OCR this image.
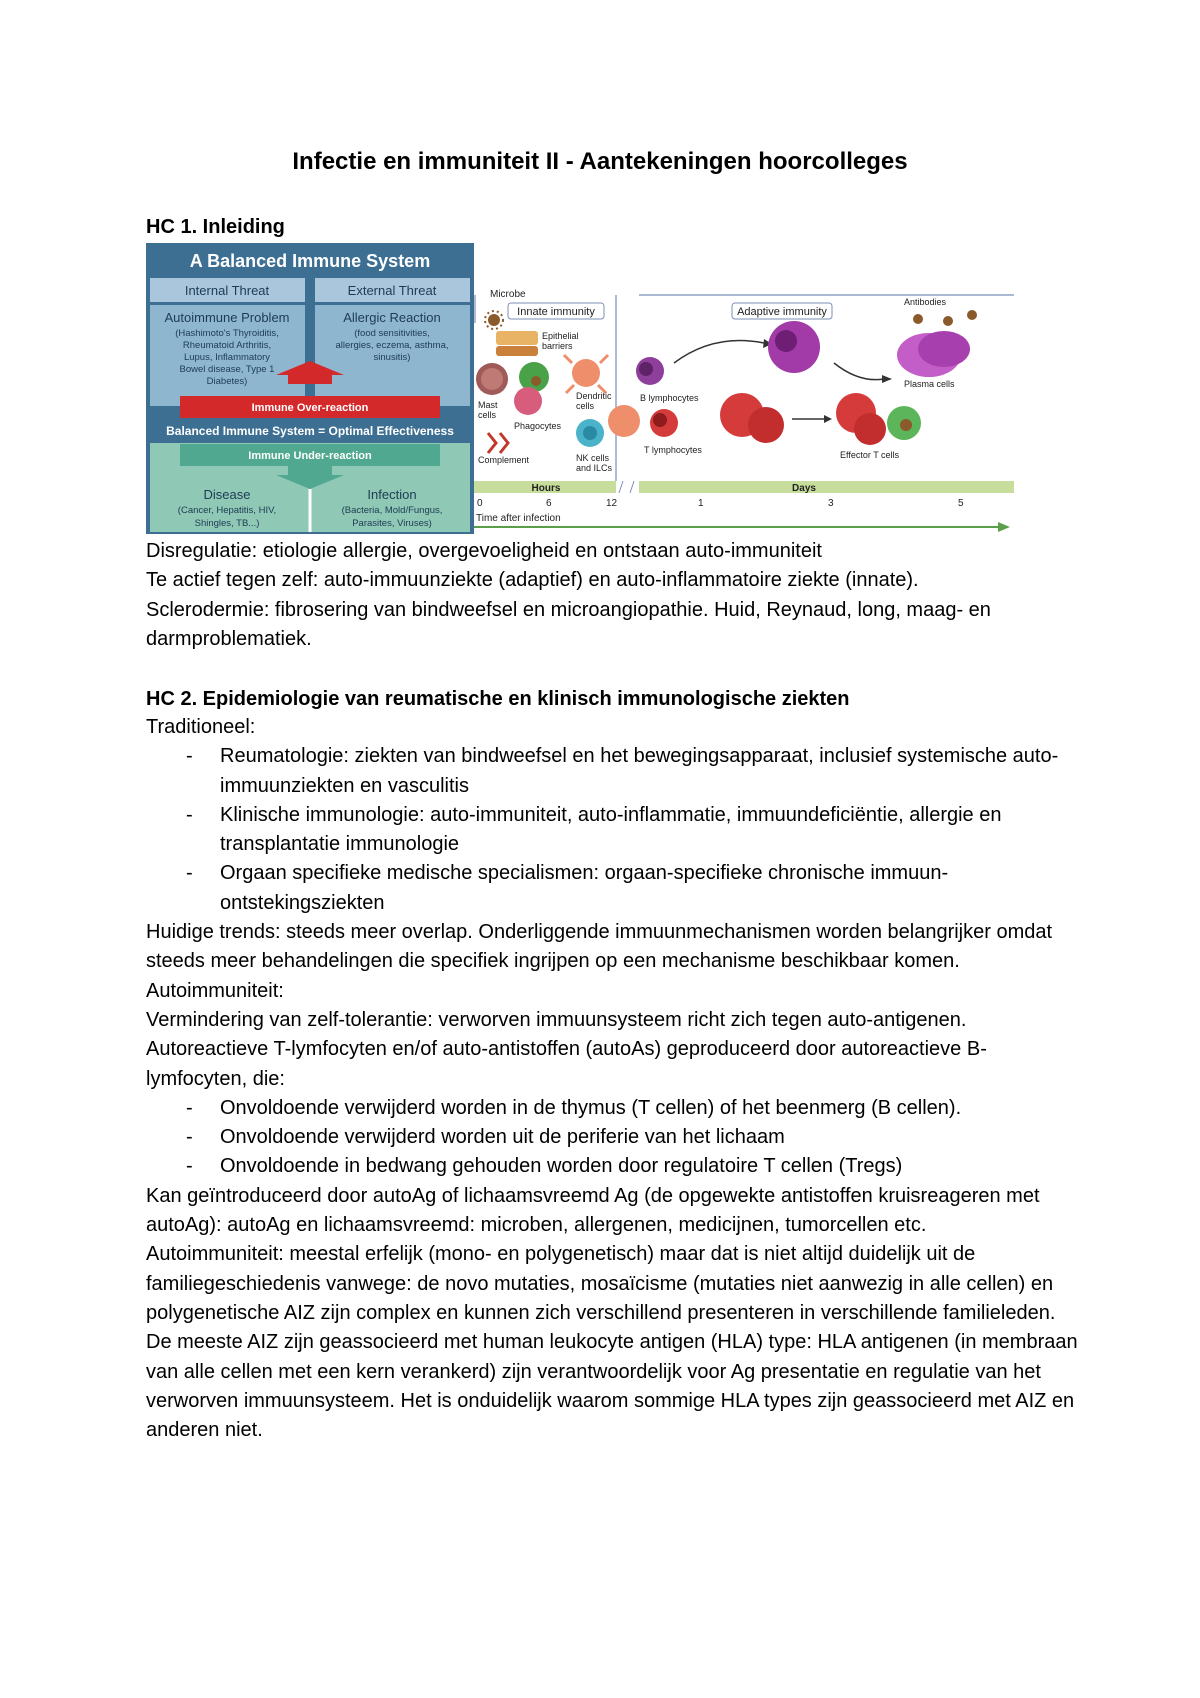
Infectie en immuniteit II - Aantekeningen hoorcolleges
HC 1. Inleiding
A Balanced Immune System
Internal Threat	External Threat
Autoimmune Problem
(Hashimoto's Thyroiditis,
Rheumatoid Arthritis,
Lupus, Inflammatory
Bowel disease, Type 1
Diabetes)
Allergic Reaction
(food sensitivities,
allergies, eczema, asthma,
sinusitis)
Immune Over-reaction
Balanced Immune System = Optimal Effectiveness
Immune Under-reaction
Disease
(Cancer, Hepatitis, HIV,
Shingles, TB...)
Infection
(Bacteria, Mold/Fungus,
Parasites, Viruses)
Microbe
Innate immunity	Adaptive immunity
Epithelial
barriers
Mast
cells
Phagocytes
Dendritic
cells
Complement	NK cells
and ILCs
B lymphocytes
Plasma cells
Antibodies
T lymphocytes	Effector T cells
Hours	Days
0	6	12	1	3	5
Time after infection

Disregulatie: etiologie allergie, overgevoeligheid en ontstaan auto-immuniteit

Te actief tegen zelf: auto-immuunziekte (adaptief) en auto-inflammatoire ziekte (innate).

Sclerodermie: fibrosering van bindweefsel en microangiopathie. Huid, Reynaud, long, maag- en darmproblematiek.

HC 2. Epidemiologie van reumatische en klinisch immunologische ziekten

Traditioneel:

- Reumatologie: ziekten van bindweefsel en het bewegingsapparaat, inclusief systemische auto-immuunziekten en vasculitis
- Klinische immunologie: auto-immuniteit, auto-inflammatie, immuundeficiëntie, allergie en transplantatie immunologie
- Orgaan specifieke medische specialismen: orgaan-specifieke chronische immuun-ontstekingsziekten

Huidige trends: steeds meer overlap. Onderliggende immuunmechanismen worden belangrijker omdat steeds meer behandelingen die specifiek ingrijpen op een mechanisme beschikbaar komen.

Autoimmuniteit:

Vermindering van zelf-tolerantie: verworven immuunsysteem richt zich tegen auto-antigenen.

Autoreactieve T-lymfocyten en/of auto-antistoffen (autoAs) geproduceerd door autoreactieve B-lymfocyten, die:

- Onvoldoende verwijderd worden in de thymus (T cellen) of het beenmerg (B cellen).
- Onvoldoende verwijderd worden uit de periferie van het lichaam
- Onvoldoende in bedwang gehouden worden door regulatoire T cellen (Tregs)

Kan geïntroduceerd door autoAg of lichaamsvreemd Ag (de opgewekte antistoffen kruisreageren met autoAg): autoAg en lichaamsvreemd: microben, allergenen, medicijnen, tumorcellen etc.

Autoimmuniteit: meestal erfelijk (mono- en polygenetisch) maar dat is niet altijd duidelijk uit de familiegeschiedenis vanwege: de novo mutaties, mosaïcisme (mutaties niet aanwezig in alle cellen) en polygenetische AIZ zijn complex en kunnen zich verschillend presenteren in verschillende familieleden.

De meeste AIZ zijn geassocieerd met human leukocyte antigen (HLA) type: HLA antigenen (in membraan van alle cellen met een kern verankerd) zijn verantwoordelijk voor Ag presentatie en regulatie van het verworven immuunsysteem. Het is onduidelijk waarom sommige HLA types zijn geassocieerd met AIZ en anderen niet.
